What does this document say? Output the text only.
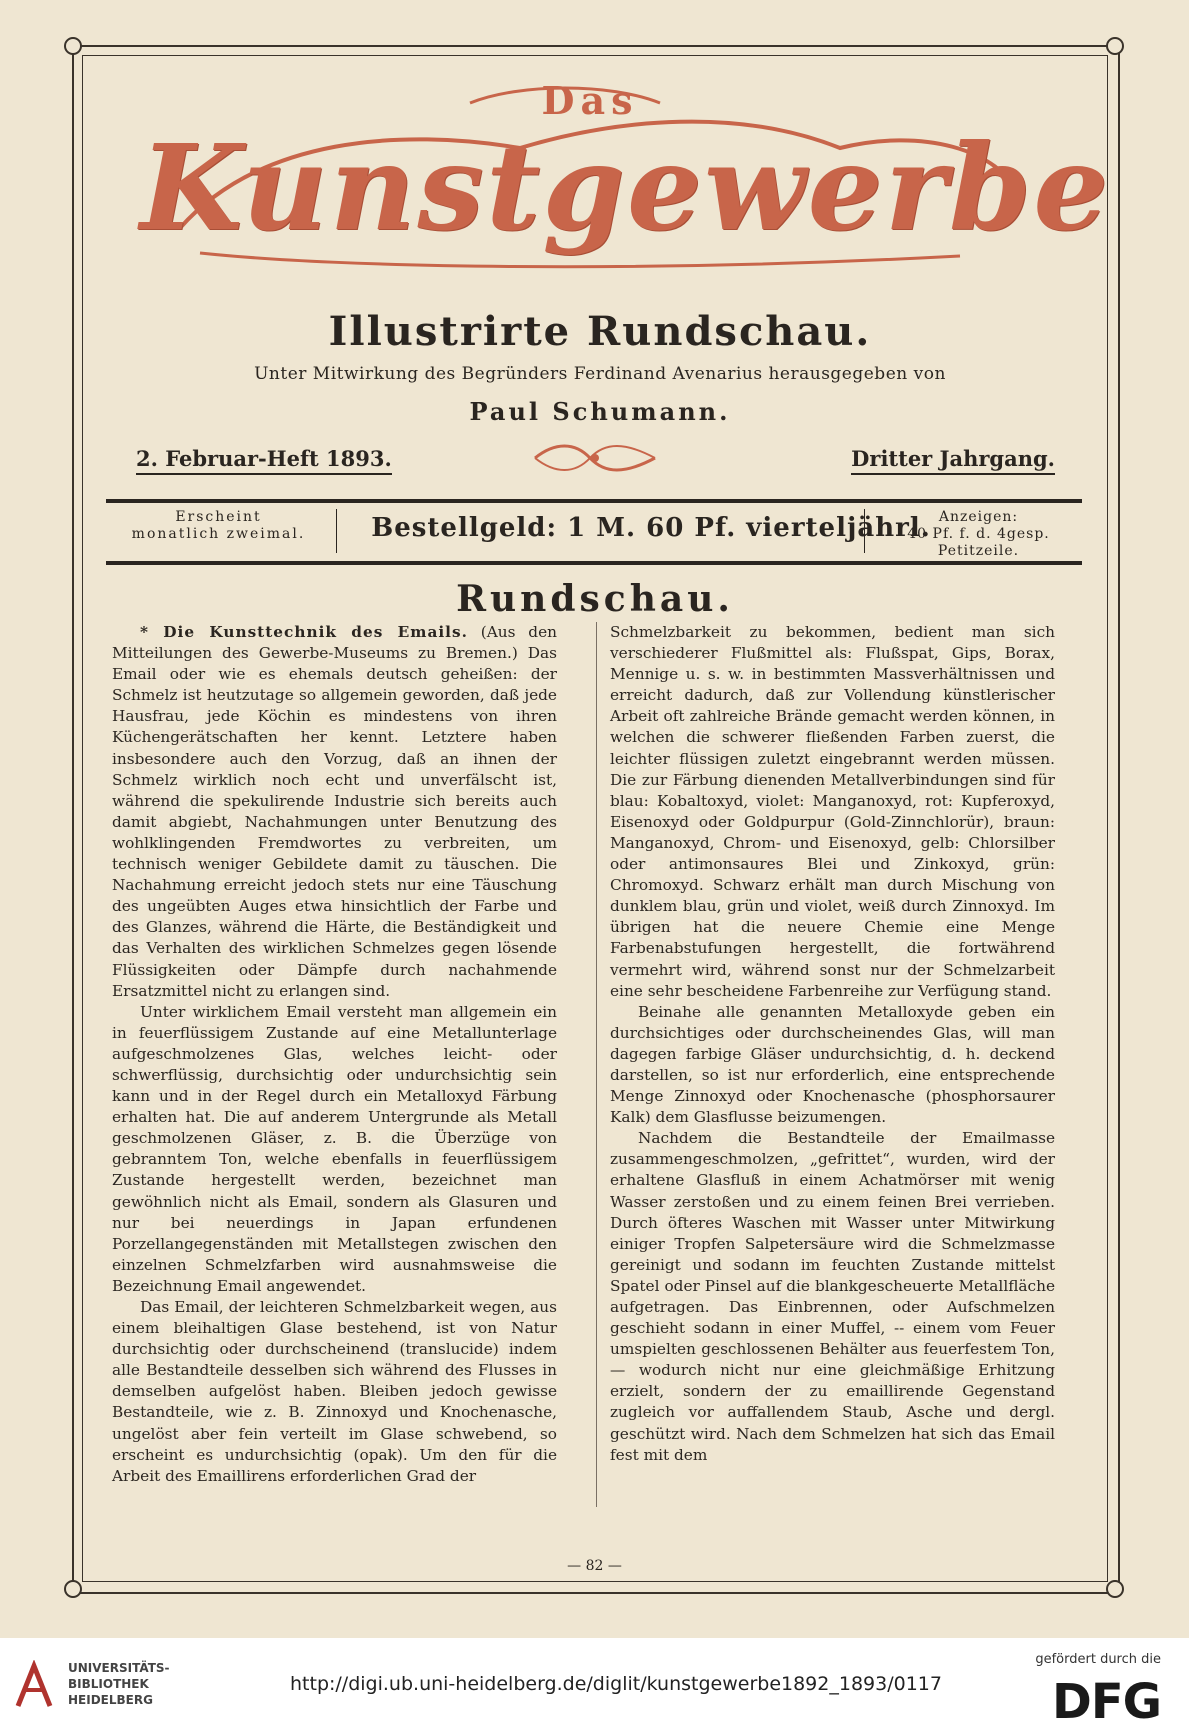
Das
Kunstgewerbe
Illustrirte Rundschau.
Unter Mitwirkung des Begründers Ferdinand Avenarius herausgegeben von
Paul Schumann.
2. Februar-Heft 1893.	Dritter Jahrgang.
Erscheint
monatlich zweimal.	Bestellgeld: 1 M. 60 Pf. vierteljährl. Anzeigen:
40 Pf. f. d. 4gesp. Petitzeile.
Rundschau.

* Die Kunsttechnik des Emails. (Aus den Mitteilungen des Gewerbe-Museums zu Bremen.) Das Email oder wie es ehemals deutsch geheißen: der Schmelz ist heutzutage so allgemein geworden, daß jede Hausfrau, jede Köchin es mindestens von ihren Küchengerätschaften her kennt. Letztere haben insbesondere auch den Vorzug, daß an ihnen der Schmelz wirklich noch echt und unverfälscht ist, während die spekulirende Industrie sich bereits auch damit abgiebt, Nachahmungen unter Benutzung des wohlklingenden Fremdwortes zu verbreiten, um technisch weniger Gebildete damit zu täuschen. Die Nachahmung erreicht jedoch stets nur eine Täuschung des ungeübten Auges etwa hinsichtlich der Farbe und des Glanzes, während die Härte, die Beständigkeit und das Verhalten des wirklichen Schmelzes gegen lösende Flüssigkeiten oder Dämpfe durch nachahmende Ersatzmittel nicht zu erlangen sind.

Unter wirklichem Email versteht man allgemein ein in feuerflüssigem Zustande auf eine Metallunterlage aufgeschmolzenes Glas, welches leicht- oder schwerflüssig, durchsichtig oder undurchsichtig sein kann und in der Regel durch ein Metalloxyd Färbung erhalten hat. Die auf anderem Untergrunde als Metall geschmolzenen Gläser, z. B. die Überzüge von gebranntem Ton, welche ebenfalls in feuerflüssigem Zustande hergestellt werden, bezeichnet man gewöhnlich nicht als Email, sondern als Glasuren und nur bei neuerdings in Japan erfundenen Porzellangegenständen mit Metallstegen zwischen den einzelnen Schmelzfarben wird ausnahmsweise die Bezeichnung Email angewendet.

Das Email, der leichteren Schmelzbarkeit wegen, aus einem bleihaltigen Glase bestehend, ist von Natur durchsichtig oder durchscheinend (translucide) indem alle Bestandteile desselben sich während des Flusses in demselben aufgelöst haben. Bleiben jedoch gewisse Bestandteile, wie z. B. Zinnoxyd und Knochenasche, ungelöst aber fein verteilt im Glase schwebend, so erscheint es undurchsichtig (opak). Um den für die Arbeit des Emaillirens erforderlichen Grad der

Schmelzbarkeit zu bekommen, bedient man sich verschiederer Flußmittel als: Flußspat, Gips, Borax, Mennige u. s. w. in bestimmten Massverhältnissen und erreicht dadurch, daß zur Vollendung künstlerischer Arbeit oft zahlreiche Brände gemacht werden können, in welchen die schwerer fließenden Farben zuerst, die leichter flüssigen zuletzt eingebrannt werden müssen. Die zur Färbung dienenden Metallverbindungen sind für blau: Kobaltoxyd, violet: Manganoxyd, rot: Kupferoxyd, Eisenoxyd oder Goldpurpur (Gold-Zinnchlorür), braun: Manganoxyd, Chrom- und Eisenoxyd, gelb: Chlorsilber oder antimonsaures Blei und Zinkoxyd, grün: Chromoxyd. Schwarz erhält man durch Mischung von dunklem blau, grün und violet, weiß durch Zinnoxyd. Im übrigen hat die neuere Chemie eine Menge Farbenabstufungen hergestellt, die fortwährend vermehrt wird, während sonst nur der Schmelzarbeit eine sehr bescheidene Farbenreihe zur Verfügung stand.

Beinahe alle genannten Metalloxyde geben ein durchsichtiges oder durchscheinendes Glas, will man dagegen farbige Gläser undurchsichtig, d. h. deckend darstellen, so ist nur erforderlich, eine entsprechende Menge Zinnoxyd oder Knochenasche (phosphorsaurer Kalk) dem Glasflusse beizumengen.

Nachdem die Bestandteile der Emailmasse zusammengeschmolzen, „gefrittet“, wurden, wird der erhaltene Glasfluß in einem Achatmörser mit wenig Wasser zerstoßen und zu einem feinen Brei verrieben. Durch öfteres Waschen mit Wasser unter Mitwirkung einiger Tropfen Salpetersäure wird die Schmelzmasse gereinigt und sodann im feuchten Zustande mittelst Spatel oder Pinsel auf die blankgescheuerte Metallfläche aufgetragen. Das Einbrennen, oder Aufschmelzen geschieht sodann in einer Muffel, -- einem vom Feuer umspielten geschlossenen Behälter aus feuerfestem Ton, — wodurch nicht nur eine gleichmäßige Erhitzung erzielt, sondern der zu emaillirende Gegenstand zugleich vor auffallendem Staub, Asche und dergl. geschützt wird. Nach dem Schmelzen hat sich das Email fest mit dem

— 82 —
UNIVERSITÄTS-
BIBLIOTHEK
HEIDELBERG
http://digi.ub.uni-heidelberg.de/diglit/kunstgewerbe1892_1893/0117
gefördert durch die
DFG
